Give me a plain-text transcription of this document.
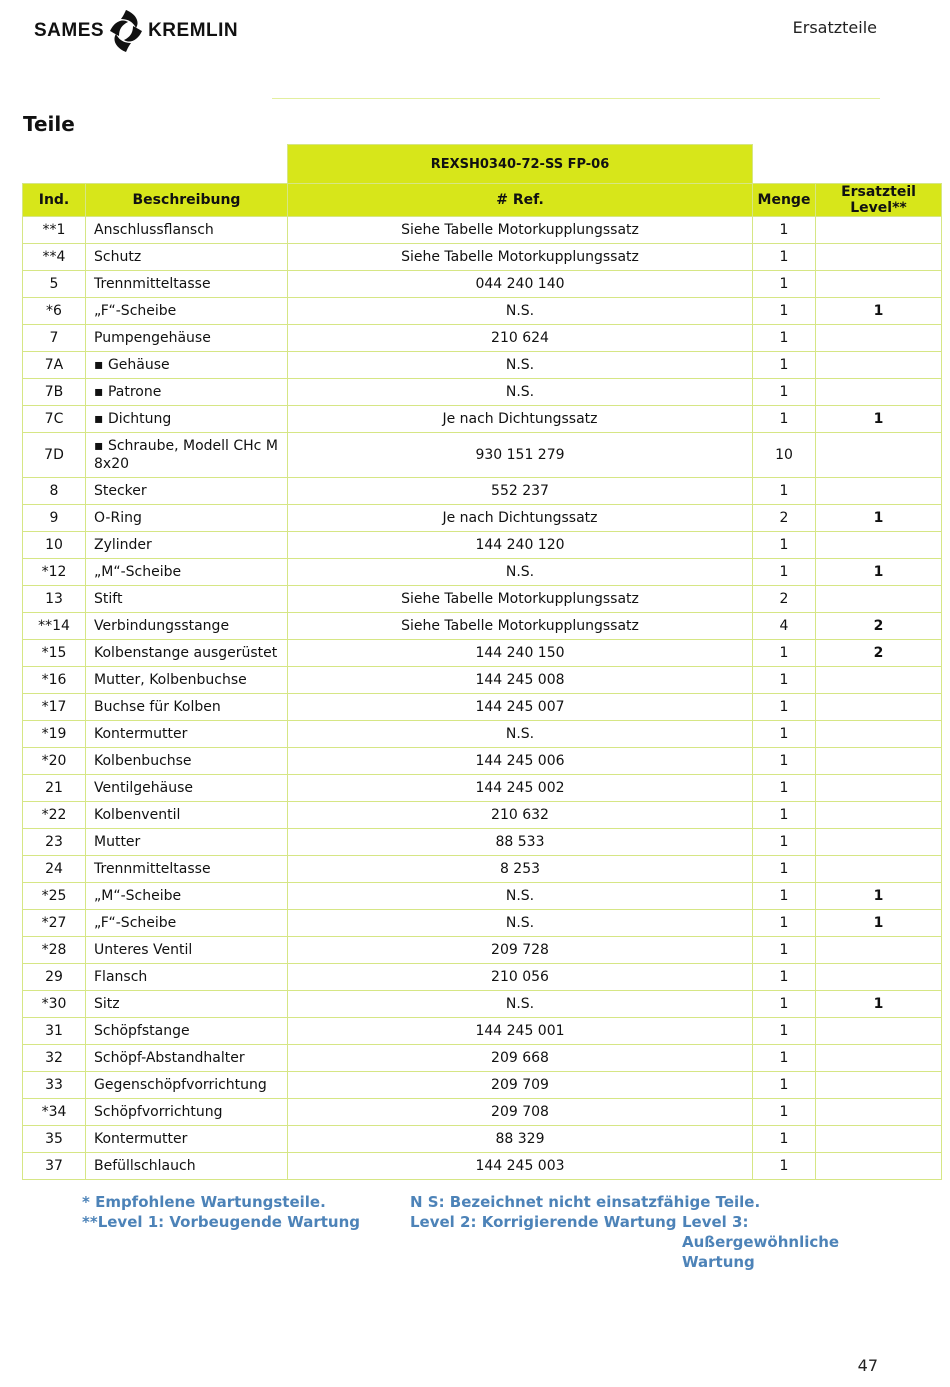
SAMES KREMLIN	Ersatzteile
Teile
		REXSH0340-72-SS FP-06		
Ind.	Beschreibung	# Ref.	Menge	Ersatzteil Level**
**1	Anschlussflansch	Siehe Tabelle Motorkupplungssatz	1	
**4	Schutz	Siehe Tabelle Motorkupplungssatz	1	
5	Trennmitteltasse	044 240 140	1	
*6	„F“-Scheibe	N.S.	1	1
7	Pumpengehäuse	210 624	1	
7A	▪ Gehäuse	N.S.	1	
7B	▪ Patrone	N.S.	1	
7C	▪ Dichtung	Je nach Dichtungssatz	1	1
7D	▪ Schraube, Modell CHc M 8x20	930 151 279	10	
8	Stecker	552 237	1	
9	O-Ring	Je nach Dichtungssatz	2	1
10	Zylinder	144 240 120	1	
*12	„M“-Scheibe	N.S.	1	1
13	Stift	Siehe Tabelle Motorkupplungssatz	2	
**14	Verbindungsstange	Siehe Tabelle Motorkupplungssatz	4	2
*15	Kolbenstange ausgerüstet	144 240 150	1	2
*16	Mutter, Kolbenbuchse	144 245 008	1	
*17	Buchse für Kolben	144 245 007	1	
*19	Kontermutter	N.S.	1	
*20	Kolbenbuchse	144 245 006	1	
21	Ventilgehäuse	144 245 002	1	
*22	Kolbenventil	210 632	1	
23	Mutter	88 533	1	
24	Trennmitteltasse	8 253	1	
*25	„M“-Scheibe	N.S.	1	1
*27	„F“-Scheibe	N.S.	1	1
*28	Unteres Ventil	209 728	1	
29	Flansch	210 056	1	
*30	Sitz	N.S.	1	1
31	Schöpfstange	144 245 001	1	
32	Schöpf-Abstandhalter	209 668	1	
33	Gegenschöpfvorrichtung	209 709	1	
*34	Schöpfvorrichtung	209 708	1	
35	Kontermutter	88 329	1	
37	Befüllschlauch	144 245 003	1	
* Empfohlene Wartungsteile.	N S: Bezeichnet nicht einsatzfähige Teile.
**Level 1: Vorbeugende Wartung	Level 2: Korrigierende Wartung Level 3:
Außergewöhnliche
Wartung
47
